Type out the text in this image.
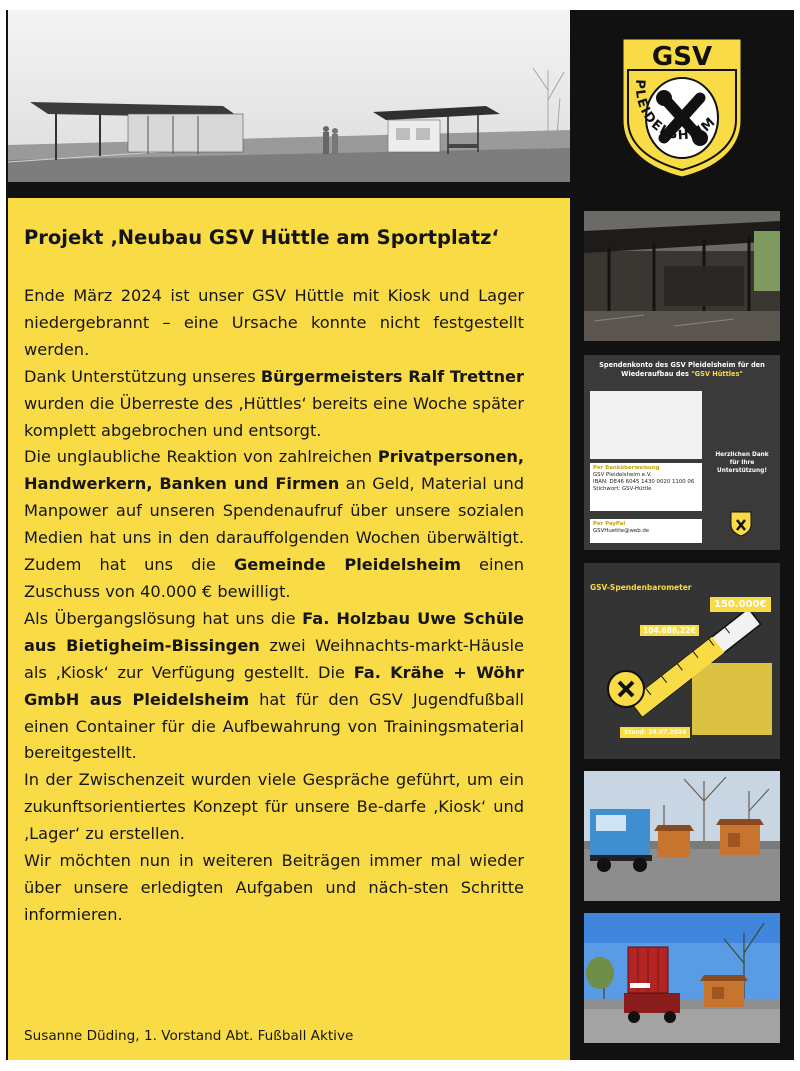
GSV
PLEIDELSHEIM
Projekt ‚Neubau GSV Hüttle am Sportplatz‘

Ende März 2024 ist unser GSV Hüttle mit Kiosk und Lager niedergebrannt – eine Ursache konnte nicht festgestellt werden.

Dank Unterstützung unseres Bürgermeisters Ralf Trettner wurden die Überreste des ‚Hüttles‘ bereits eine Woche später komplett abgebrochen und entsorgt.

Die unglaubliche Reaktion von zahlreichen Privatpersonen, Handwerkern, Banken und Firmen an Geld, Material und Manpower auf unseren Spendenaufruf über unsere sozialen Medien hat uns in den darauffolgenden Wochen überwältigt. Zudem hat uns die Gemeinde Pleidelsheim einen Zuschuss von 40.000 € bewilligt.

Als Übergangslösung hat uns die Fa. Holzbau Uwe Schüle aus Bietigheim-Bissingen zwei Weihnachts-markt-Häusle als ‚Kiosk‘ zur Verfügung gestellt. Die Fa. Krähe + Wöhr GmbH aus Pleidelsheim hat für den GSV Jugendfußball einen Container für die Aufbewahrung von Trainingsmaterial bereitgestellt.

In der Zwischenzeit wurden viele Gespräche geführt, um ein zukunftsorientiertes Konzept für unsere Be-darfe ‚Kiosk‘ und ‚Lager‘ zu erstellen.

Wir möchten nun in weiteren Beiträgen immer mal wieder über unsere erledigten Aufgaben und näch-sten Schritte informieren.

Susanne Düding, 1. Vorstand Abt. Fußball Aktive
Spendenkonto des GSV Pleidelsheim für den
Wiederaufbau des "GSV Hüttles"
Per Banküberweisung
GSV Pleidelsheim e.V.
IBAN: DE46 6045 1430 0020 1100 06
Stichwort: GSV-Hüttle
Per PayPal
GSVHuettle@web.de
Herzlichen Dank für Ihre Unterstützung!
GSV-Spendenbarometer
150.000€
104.686,22€
Stand: 24.07.2024
